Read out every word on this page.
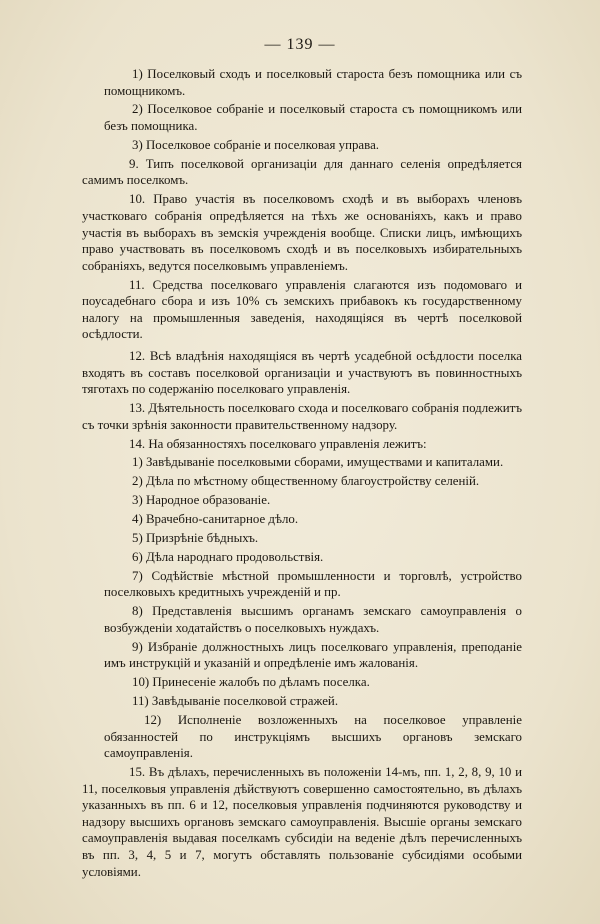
— 139 —

1) Поселковый сходъ и поселковый староста безъ помощника или съ помощникомъ.

2) Поселковое собраніе и поселковый староста съ помощникомъ или безъ помощника.

3) Поселковое собраніе и поселковая управа.

9. Типъ поселковой организаціи для даннаго селенія опредѣляется самимъ поселкомъ.

10. Право участія въ поселковомъ сходѣ и въ выборахъ членовъ участковаго собранія опредѣляется на тѣхъ же основаніяхъ, какъ и право участія въ выборахъ въ земскія учрежденія вообще. Списки лицъ, имѣющихъ право участвовать въ поселковомъ сходѣ и въ поселковыхъ избирательныхъ собраніяхъ, ведутся поселковымъ управленіемъ.

11. Средства поселковаго управленія слагаются изъ подомоваго и поусадебнаго сбора и изъ 10% съ земскихъ прибавокъ къ государственному налогу на промышленныя заведенія, находящіяся въ чертѣ поселковой осѣдлости.

12. Всѣ владѣнія находящіяся въ чертѣ усадебной осѣдлости поселка входятъ въ составъ поселковой организаціи и участвуютъ въ повинностныхъ тяготахъ по содержанію поселковаго управленія.

13. Дѣятельность поселковаго схода и поселковаго собранія подлежитъ съ точки зрѣнія законности правительственному надзору.

14. На обязанностяхъ поселковаго управленія лежитъ:

1) Завѣдываніе поселковыми сборами, имуществами и капиталами.

2) Дѣла по мѣстному общественному благоустройству селеній.

3) Народное образованіе.

4) Врачебно-санитарное дѣло.

5) Призрѣніе бѣдныхъ.

6) Дѣла народнаго продовольствія.

7) Содѣйствіе мѣстной промышленности и торговлѣ, устройство поселковыхъ кредитныхъ учрежденій и пр.

8) Представленія высшимъ органамъ земскаго самоуправленія о возбужденіи ходатайствъ о поселковыхъ нуждахъ.

9) Избраніе должностныхъ лицъ поселковаго управленія, преподаніе имъ инструкцій и указаній и опредѣленіе имъ жалованія.

10) Принесеніе жалобъ по дѣламъ поселка.

11) Завѣдываніе поселковой стражей.

12) Исполненіе возложенныхъ на поселковое управленіе обязанностей по инструкціямъ высшихъ органовъ земскаго самоуправленія.

15. Въ дѣлахъ, перечисленныхъ въ положеніи 14-мъ, пп. 1, 2, 8, 9, 10 и 11, поселковыя управленія дѣйствуютъ совершенно самостоятельно, въ дѣлахъ указанныхъ въ пп. 6 и 12, поселковыя управленія подчиняются руководству и надзору высшихъ органовъ земскаго самоуправленія. Высшіе органы земскаго самоуправленія выдавая поселкамъ субсидіи на веденіе дѣлъ перечисленныхъ въ пп. 3, 4, 5 и 7, могутъ обставлять пользованіе субсидіями особыми условіями.
